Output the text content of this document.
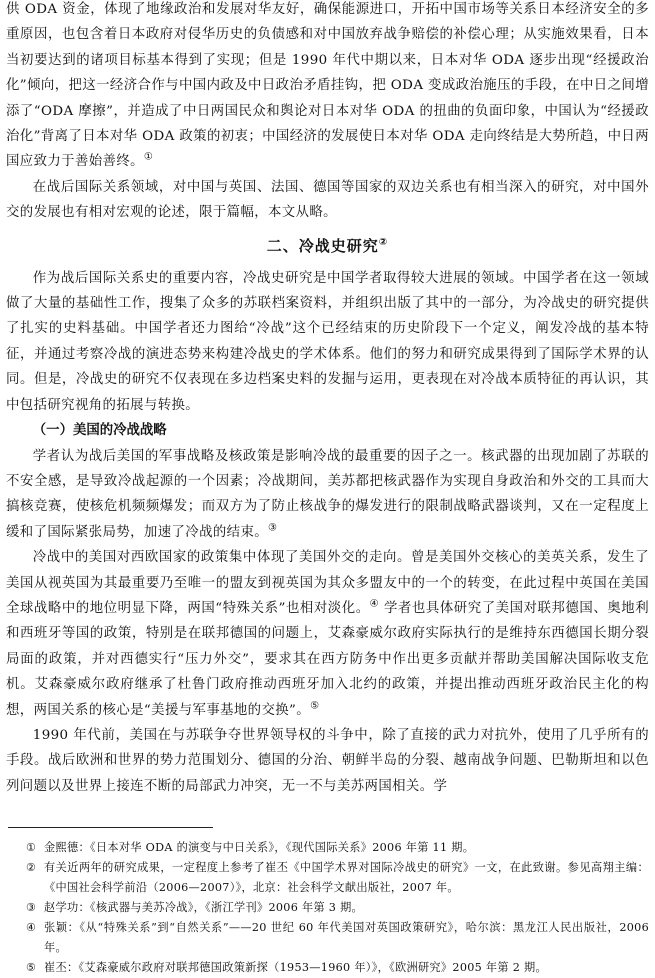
供 ODA 资金，体现了地缘政治和发展对华友好，确保能源进口，开拓中国市场等关系日本经济安全的多重原因，也包含着日本政府对侵华历史的负债感和对中国放弃战争赔偿的补偿心理；从实施效果看，日本当初要达到的诸项目标基本得到了实现；但是 1990 年代中期以来，日本对华 ODA 逐步出现“经援政治化”倾向，把这一经济合作与中国内政及中日政治矛盾挂钩，把 ODA 变成政治施压的手段，在中日之间增添了“ODA 摩擦”，并造成了中日两国民众和舆论对日本对华 ODA 的扭曲的负面印象，中国认为“经援政治化”背离了日本对华 ODA 政策的初衷；中国经济的发展使日本对华 ODA 走向终结是大势所趋，中日两国应致力于善始善终。①

在战后国际关系领域，对中国与英国、法国、德国等国家的双边关系也有相当深入的研究，对中国外交的发展也有相对宏观的论述，限于篇幅，本文从略。

二、冷战史研究②

作为战后国际关系史的重要内容，冷战史研究是中国学者取得较大进展的领域。中国学者在这一领域做了大量的基础性工作，搜集了众多的苏联档案资料，并组织出版了其中的一部分，为冷战史的研究提供了扎实的史料基础。中国学者还力图给“冷战”这个已经结束的历史阶段下一个定义，阐发冷战的基本特征，并通过考察冷战的演进态势来构建冷战史的学术体系。他们的努力和研究成果得到了国际学术界的认同。但是，冷战史的研究不仅表现在多边档案史料的发掘与运用，更表现在对冷战本质特征的再认识，其中包括研究视角的拓展与转换。

（一）美国的冷战战略

学者认为战后美国的军事战略及核政策是影响冷战的最重要的因子之一。核武器的出现加剧了苏联的不安全感，是导致冷战起源的一个因素；冷战期间，美苏都把核武器作为实现自身政治和外交的工具而大搞核竞赛，使核危机频频爆发；而双方为了防止核战争的爆发进行的限制战略武器谈判，又在一定程度上缓和了国际紧张局势，加速了冷战的结束。③

冷战中的美国对西欧国家的政策集中体现了美国外交的走向。曾是美国外交核心的美英关系，发生了美国从视英国为其最重要乃至唯一的盟友到视英国为其众多盟友中的一个的转变，在此过程中英国在美国全球战略中的地位明显下降，两国“特殊关系”也相对淡化。④ 学者也具体研究了美国对联邦德国、奥地利和西班牙等国的政策，特别是在联邦德国的问题上，艾森豪威尔政府实际执行的是维持东西德国长期分裂局面的政策，并对西德实行“压力外交”，要求其在西方防务中作出更多贡献并帮助美国解决国际收支危机。艾森豪威尔政府继承了杜鲁门政府推动西班牙加入北约的政策，并提出推动西班牙政治民主化的构想，两国关系的核心是“美援与军事基地的交换”。⑤

1990 年代前，美国在与苏联争夺世界领导权的斗争中，除了直接的武力对抗外，使用了几乎所有的手段。战后欧洲和世界的势力范围划分、德国的分治、朝鲜半岛的分裂、越南战争问题、巴勒斯坦和以色列问题以及世界上接连不断的局部武力冲突，无一不与美苏两国相关。学

① 金熙德：《日本对华 ODA 的演变与中日关系》，《现代国际关系》2006 年第 11 期。
② 有关近两年的研究成果，一定程度上参考了崔丕《中国学术界对国际冷战史的研究》一文，在此致谢。参见高翔主编：《中国社会科学前沿（2006—2007）》，北京：社会科学文献出版社，2007 年。
③ 赵学功：《核武器与美苏冷战》，《浙江学刊》2006 年第 3 期。
④ 张颖：《从“特殊关系”到“自然关系”——20 世纪 60 年代美国对英国政策研究》，哈尔滨：黑龙江人民出版社，2006 年。
⑤ 崔丕：《艾森豪威尔政府对联邦德国政策新探（1953—1960 年）》，《欧洲研究》2005 年第 2 期。
